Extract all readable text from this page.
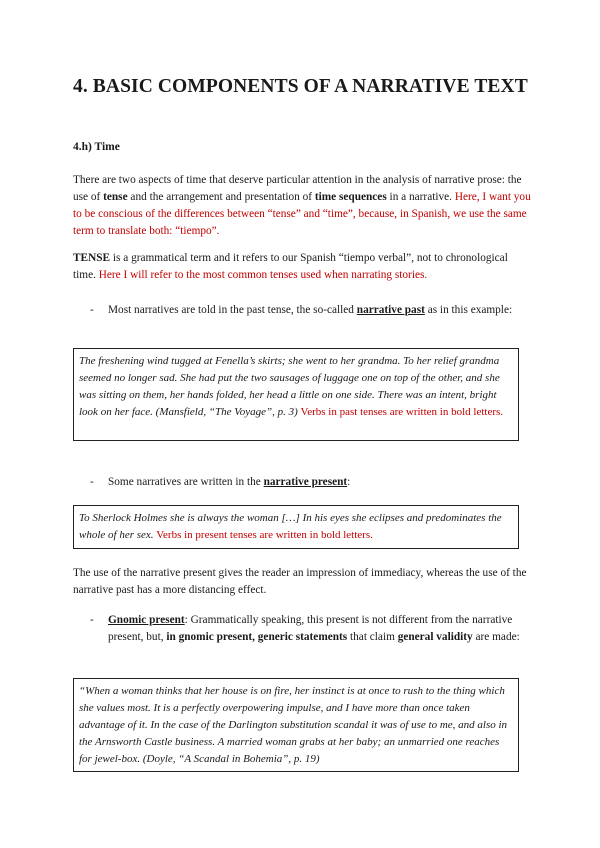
4. BASIC COMPONENTS OF A NARRATIVE TEXT
4.h) Time

There are two aspects of time that deserve particular attention in the analysis of narrative prose: the use of tense and the arrangement and presentation of time sequences in a narrative. Here, I want you to be conscious of the differences between “tense” and “time”, because, in Spanish, we use the same term to translate both: “tiempo”.

TENSE is a grammatical term and it refers to our Spanish “tiempo verbal”, not to chronological time. Here I will refer to the most common tenses used when narrating stories.

- Most narratives are told in the past tense, the so-called narrative past as in this example:

The freshening wind tugged at Fenella’s skirts; she went to her grandma. To her relief grandma seemed no longer sad. She had put the two sausages of luggage one on top of the other, and she was sitting on them, her hands folded, her head a little on one side. There was an intent, bright look on her face. (Mansfield, “The Voyage”, p. 3) Verbs in past tenses are written in bold letters.
- Some narratives are written in the narrative present:

To Sherlock Holmes she is always the woman […] In his eyes she eclipses and predominates the whole of her sex. Verbs in present tenses are written in bold letters.

The use of the narrative present gives the reader an impression of immediacy, whereas the use of the narrative past has a more distancing effect.

- Gnomic present: Grammatically speaking, this present is not different from the narrative present, but, in gnomic present, generic statements that claim general validity are made:

“When a woman thinks that her house is on fire, her instinct is at once to rush to the thing which she values most. It is a perfectly overpowering impulse, and I have more than once taken advantage of it. In the case of the Darlington substitution scandal it was of use to me, and also in the Arnsworth Castle business. A married woman grabs at her baby; an unmarried one reaches for jewel-box. (Doyle, “A Scandal in Bohemia”, p. 19)
